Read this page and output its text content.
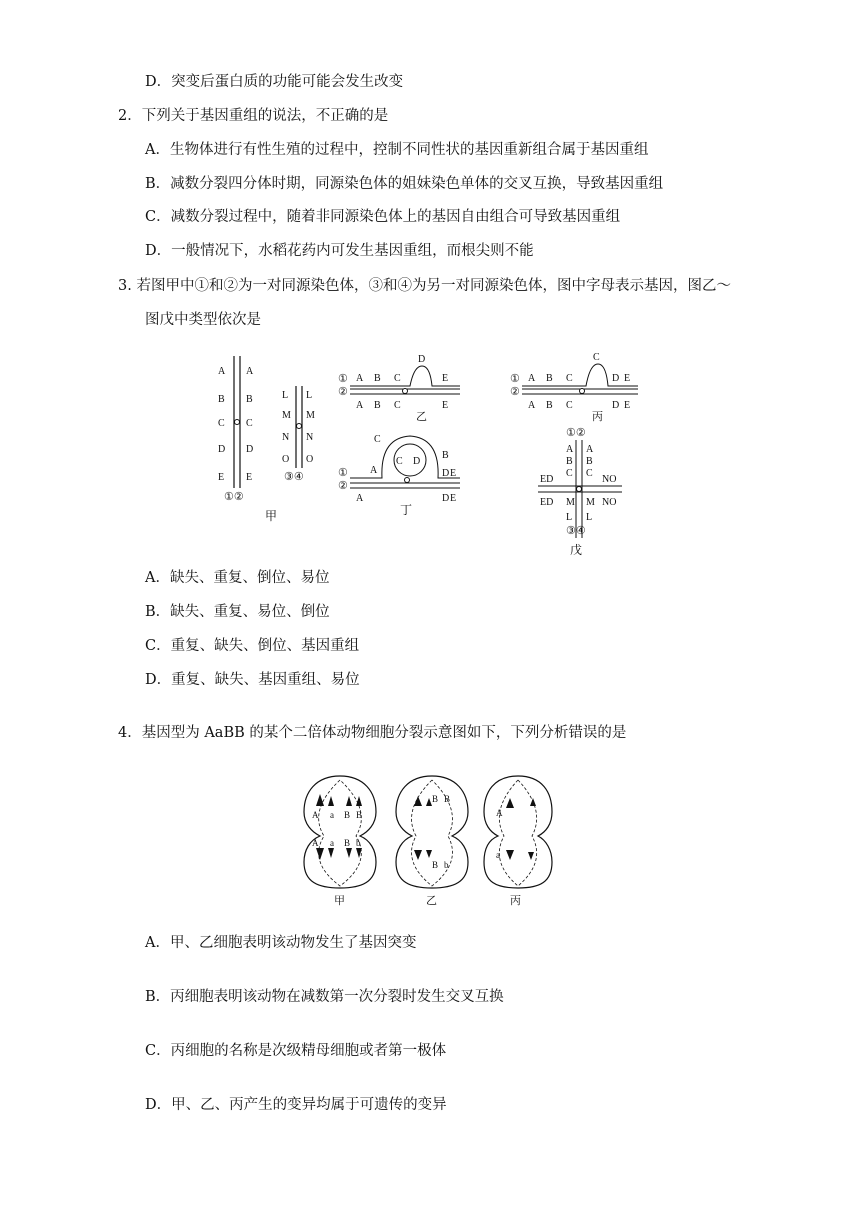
D．突变后蛋白质的功能可能会发生改变
2．下列关于基因重组的说法，不正确的是
A．生物体进行有性生殖的过程中，控制不同性状的基因重新组合属于基因重组
B．减数分裂四分体时期，同源染色体的姐妹染色单体的交叉互换，导致基因重组
C．减数分裂过程中，随着非同源染色体上的基因自由组合可导致基因重组
D．一般情况下，水稻花药内可发生基因重组，而根尖则不能
3. 若图甲中①和②为一对同源染色体，③和④为另一对同源染色体，图中字母表示基因，图乙～
图戊中类型依次是
A
B
C
D
E
A
B
C
D
E
①②
L
M
N
O
L
M
N
O
③④
甲
①
②
A B C
D
E
A B C	E
乙
①
②
A B C
C
D E
A B C	D E
丙
①
②
A
C
C D
B
D E
A	D E
丁
①②
A
B
C
A
B
C
ED
ED
NO
NO
M
L
M
L
③④
戊
A．缺失、重复、倒位、易位
B．缺失、重复、易位、倒位
C．重复、缺失、倒位、基因重组
D．重复、缺失、基因重组、易位
4．基因型为 AaBB 的某个二倍体动物细胞分裂示意图如下，下列分析错误的是
A a B B
A a B b
B B
B b
A
a
甲	乙	丙
A．甲、乙细胞表明该动物发生了基因突变
B．丙细胞表明该动物在减数第一次分裂时发生交叉互换
C．丙细胞的名称是次级精母细胞或者第一极体
D．甲、乙、丙产生的变异均属于可遗传的变异
